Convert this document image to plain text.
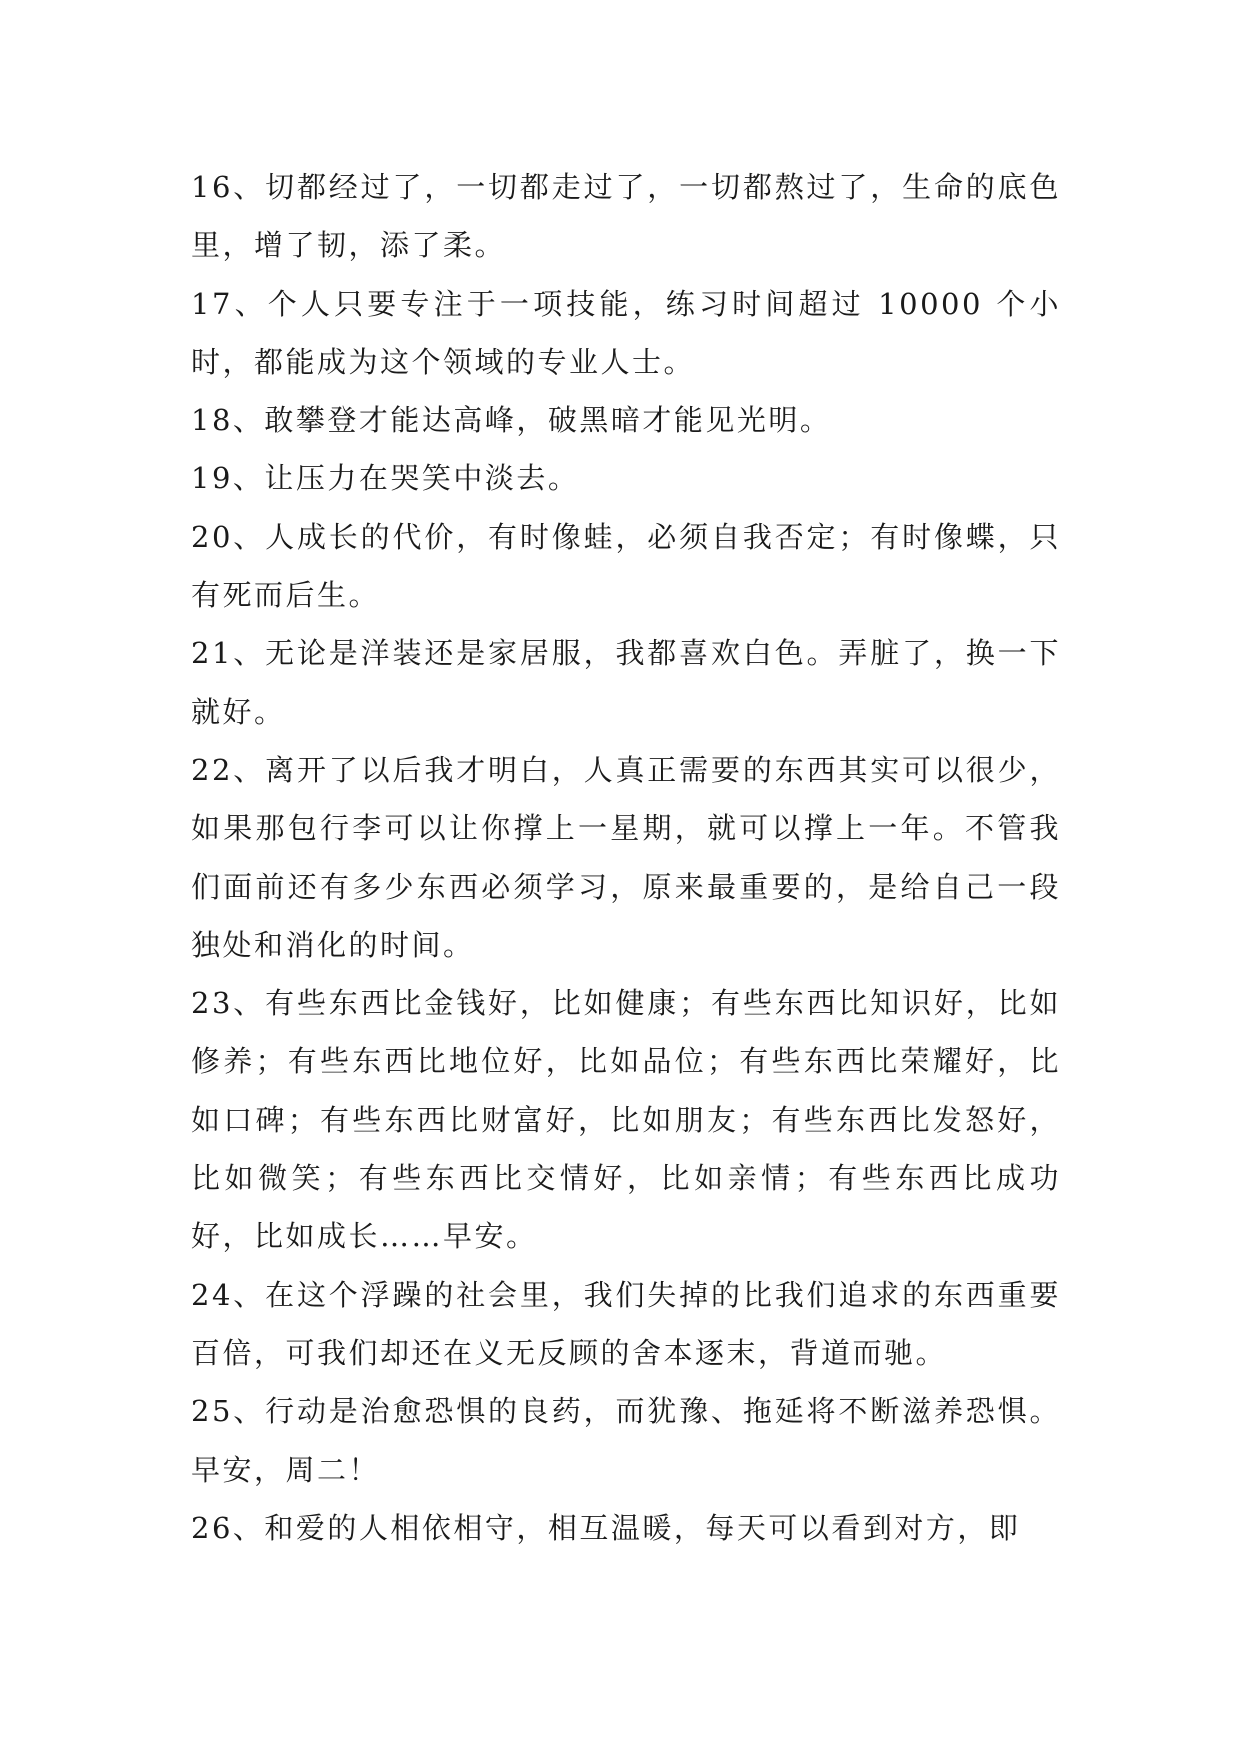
16、切都经过了，一切都走过了，一切都熬过了，生命的底色里，增了韧，添了柔。

17、个人只要专注于一项技能，练习时间超过 10000 个小时，都能成为这个领域的专业人士。

18、敢攀登才能达高峰，破黑暗才能见光明。

19、让压力在哭笑中淡去。

20、人成长的代价，有时像蛙，必须自我否定；有时像蝶，只有死而后生。

21、无论是洋装还是家居服，我都喜欢白色。弄脏了，换一下就好。

22、离开了以后我才明白，人真正需要的东西其实可以很少，如果那包行李可以让你撑上一星期，就可以撑上一年。不管我们面前还有多少东西必须学习，原来最重要的，是给自己一段独处和消化的时间。

23、有些东西比金钱好，比如健康；有些东西比知识好，比如修养；有些东西比地位好，比如品位；有些东西比荣耀好，比如口碑；有些东西比财富好，比如朋友；有些东西比发怒好，比如微笑；有些东西比交情好，比如亲情；有些东西比成功好，比如成长……早安。

24、在这个浮躁的社会里，我们失掉的比我们追求的东西重要百倍，可我们却还在义无反顾的舍本逐末，背道而驰。

25、行动是治愈恐惧的良药，而犹豫、拖延将不断滋养恐惧。早安，周二！

26、和爱的人相依相守，相互温暖，每天可以看到对方，即
